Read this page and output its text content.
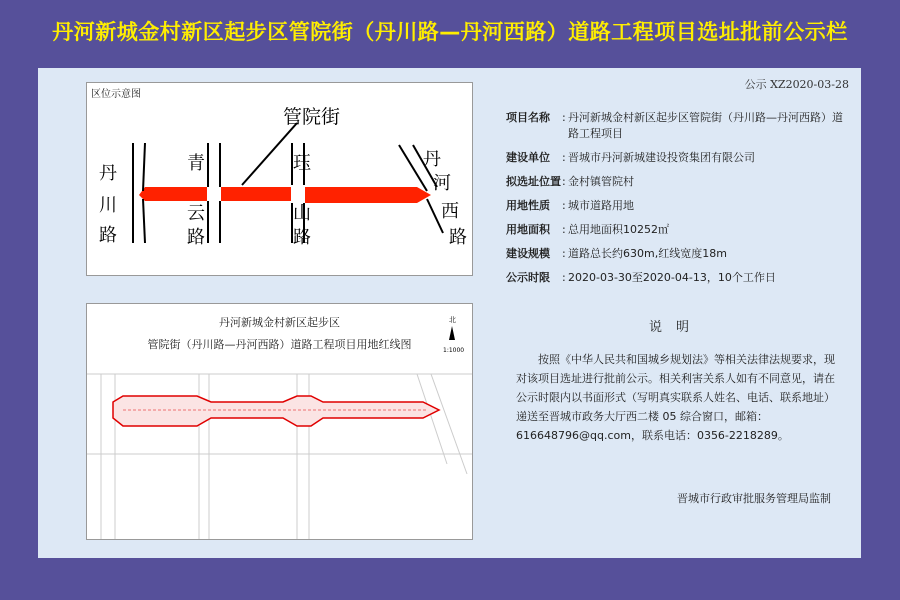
丹河新城金村新区起步区管院街（丹川路—丹河西路）道路工程项目选址批前公示栏
公示 XZ2020-03-28
区位示意图
管院街
丹
川
路
青
云
路
珏
山
路
丹
河
西
路
丹河新城金村新区起步区
管院街（丹川路—丹河西路）道路工程项目用地红线图
北
1:1000
项目名称	: 丹河新城金村新区起步区管院街（丹川路—丹河西路）道路工程项目
建设单位	: 晋城市丹河新城建设投资集团有限公司
拟选址位置 : 金村镇管院村
用地性质	: 城市道路用地
用地面积	: 总用地面积10252㎡
建设规模	: 道路总长约630m,红线宽度18m
公示时限	: 2020-03-30至2020-04-13，10个工作日
说明
按照《中华人民共和国城乡规划法》等相关法律法规要求，现对该项目选址进行批前公示。相关利害关系人如有不同意见，请在公示时限内以书面形式（写明真实联系人姓名、电话、联系地址）递送至晋城市政务大厅西二楼 05 综合窗口，邮箱：616648796@qq.com，联系电话：0356-2218289。
晋城市行政审批服务管理局监制
